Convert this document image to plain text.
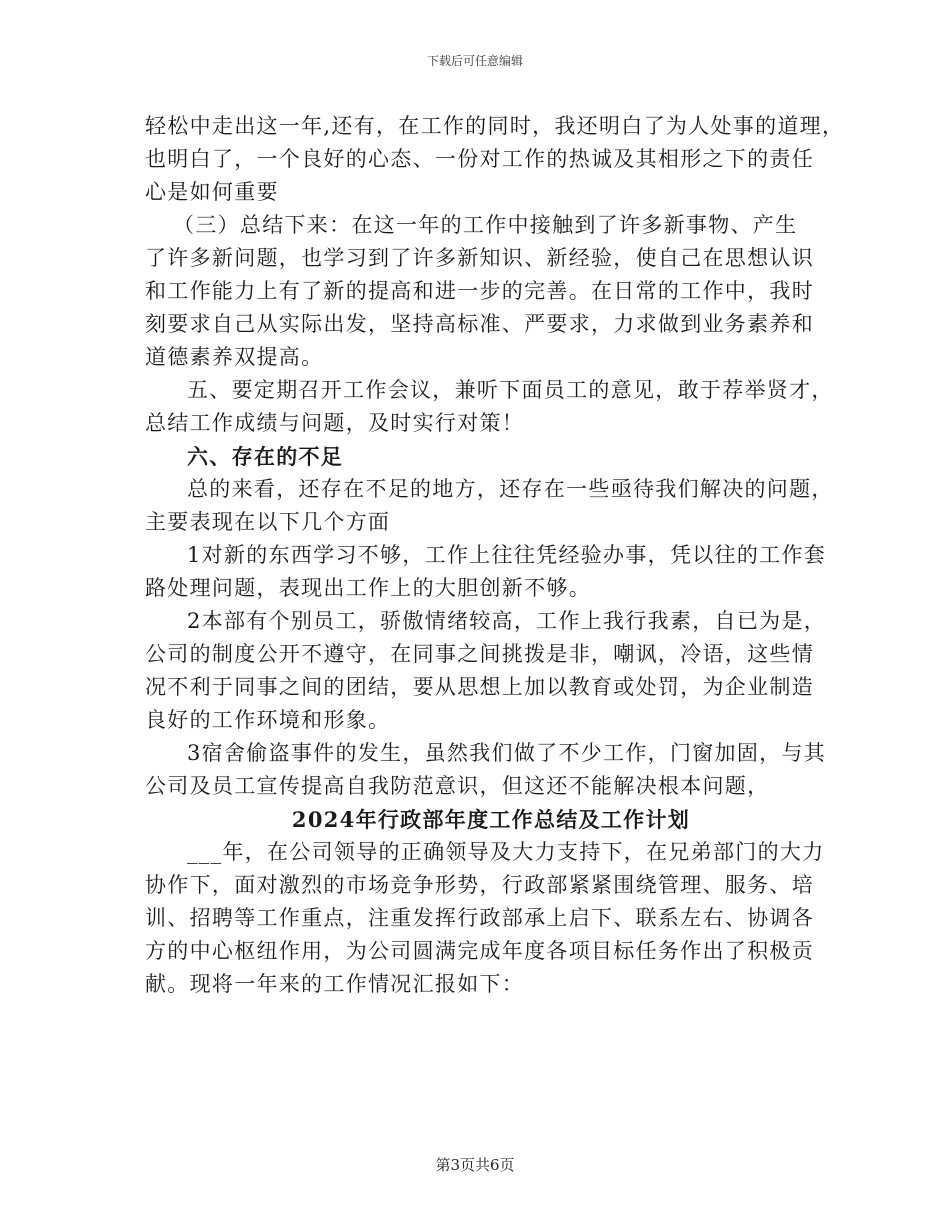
下载后可任意编辑
轻松中走出这一年,还有，在工作的同时，我还明白了为人处事的道理，
也明白了，一个良好的心态、一份对工作的热诚及其相形之下的责任
心是如何重要
（三）总结下来：在这一年的工作中接触到了许多新事物、产生
了许多新问题，也学习到了许多新知识、新经验，使自己在思想认识
和工作能力上有了新的提高和进一步的完善。在日常的工作中，我时
刻要求自己从实际出发，坚持高标准、严要求，力求做到业务素养和
道德素养双提高。
五、要定期召开工作会议，兼听下面员工的意见，敢于荐举贤才，
总结工作成绩与问题，及时实行对策！
六、存在的不足
总的来看，还存在不足的地方，还存在一些亟待我们解决的问题，
主要表现在以下几个方面
1对新的东西学习不够，工作上往往凭经验办事，凭以往的工作套
路处理问题，表现出工作上的大胆创新不够。
2本部有个别员工，骄傲情绪较高，工作上我行我素，自已为是，
公司的制度公开不遵守，在同事之间挑拨是非，嘲讽，冷语，这些情
况不利于同事之间的团结，要从思想上加以教育或处罚，为企业制造
良好的工作环境和形象。
3宿舍偷盗事件的发生，虽然我们做了不少工作，门窗加固，与其
公司及员工宣传提高自我防范意识，但这还不能解决根本问题，
2024年行政部年度工作总结及工作计划
___年，在公司领导的正确领导及大力支持下，在兄弟部门的大力
协作下，面对激烈的市场竞争形势，行政部紧紧围绕管理、服务、培
训、招聘等工作重点，注重发挥行政部承上启下、联系左右、协调各
方的中心枢纽作用，为公司圆满完成年度各项目标任务作出了积极贡
献。现将一年来的工作情况汇报如下：
第3页共6页
